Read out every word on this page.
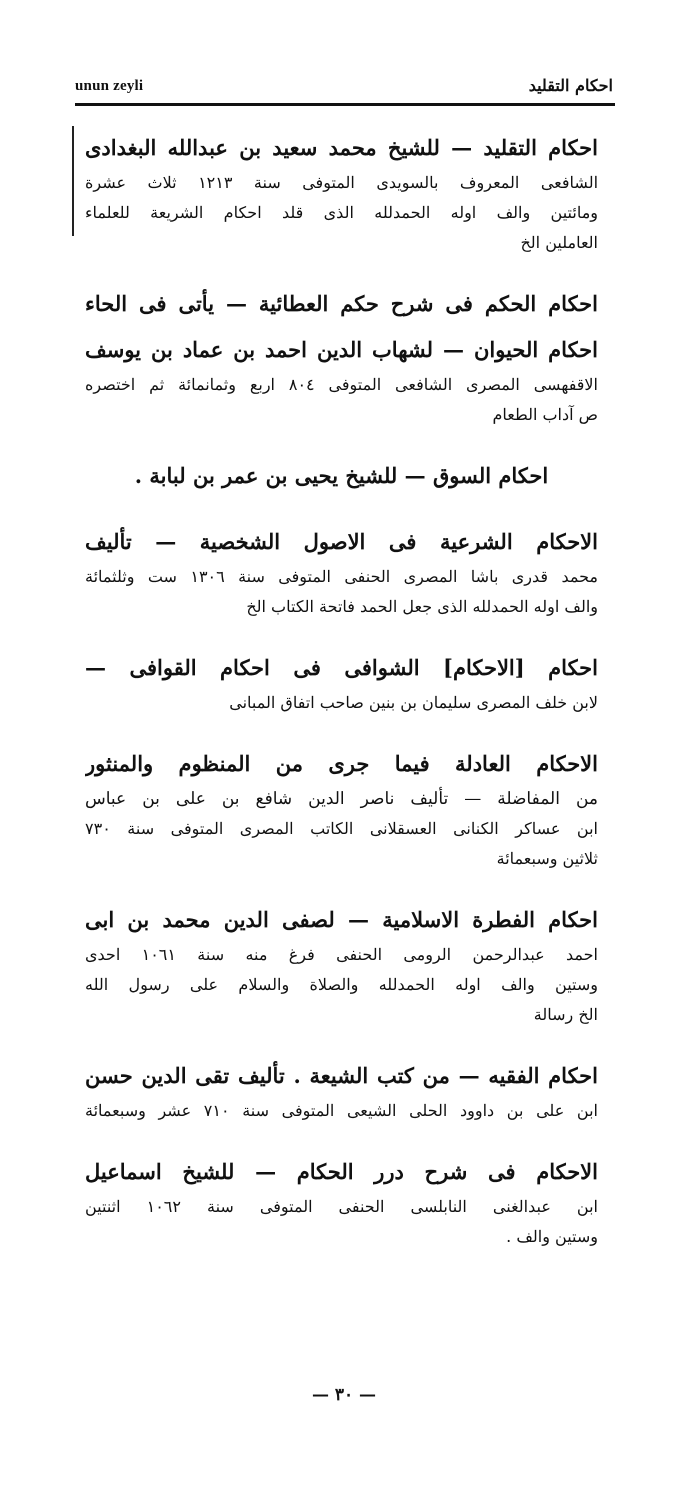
unun zeyli	احكام التقليد
احكام التقليد — للشيخ محمد سعيد بن عبدالله البغدادى
الشافعى المعروف بالسويدى المتوفى سنة ١٢١٣ ثلاث عشرة
ومائتين والف اوله الحمدلله الذى قلد احكام الشريعة للعلماء
العاملين الخ
احكام الحكم فى شرح حكم العطائية — يأتى فى الحاء
احكام الحيوان — لشهاب الدين احمد بن عماد بن يوسف
الاقفهسى المصرى الشافعى المتوفى ٨٠٤ اربع وثمانمائة ثم اختصره
ص آداب الطعام
احكام السوق — للشيخ يحيى بن عمر بن لبابة .
الاحكام الشرعية فى الاصول الشخصية — تأليف
محمد قدرى باشا المصرى الحنفى المتوفى سنة ١٣٠٦ ست وثلثمائة
والف اوله الحمدلله الذى جعل الحمد فاتحة الكتاب الخ
احكام [الاحكام] الشوافى فى احكام القوافى —
لابن خلف المصرى سليمان بن بنين صاحب اتفاق المبانى
الاحكام العادلة فيما جرى من المنظوم والمنثور
من المفاضلة — تأليف ناصر الدين شافع بن على بن عباس
ابن عساكر الكنانى العسقلانى الكاتب المصرى المتوفى سنة ٧٣٠
ثلاثين وسبعمائة
احكام الفطرة الاسلامية — لصفى الدين محمد بن ابى
احمد عبدالرحمن الرومى الحنفى فرغ منه سنة ١٠٦١ احدى
وستين والف اوله الحمدلله والصلاة والسلام على رسول الله
الخ رسالة
احكام الفقيه — من كتب الشيعة . تأليف تقى الدين حسن
ابن على بن داوود الحلى الشيعى المتوفى سنة ٧١٠ عشر وسبعمائة
الاحكام فى شرح درر الحكام — للشيخ اسماعيل
ابن عبدالغنى النابلسى الحنفى المتوفى سنة ١٠٦٢ اثنتين
وستين والف .
— ٣٠ —
